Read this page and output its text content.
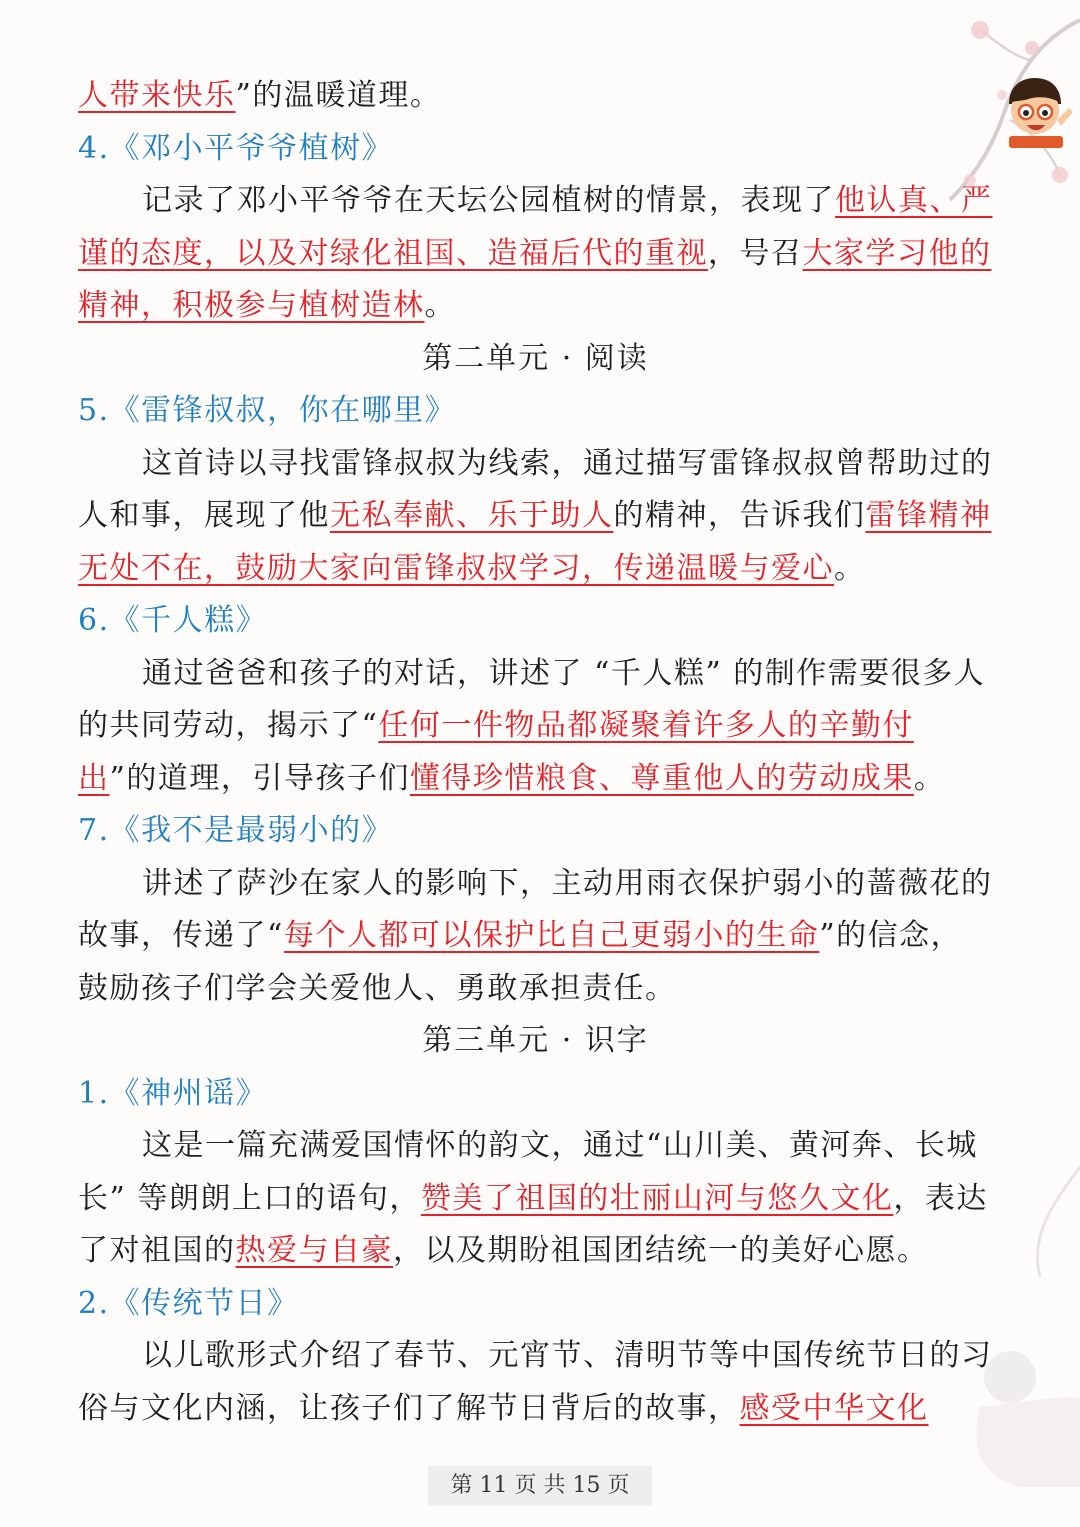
人带来快乐”的温暖道理。

4.《邓小平爷爷植树》

记录了邓小平爷爷在天坛公园植树的情景，表现了他认真、严谨的态度，以及对绿化祖国、造福后代的重视，号召大家学习他的精神，积极参与植树造林。

第二单元 · 阅读

5.《雷锋叔叔，你在哪里》

这首诗以寻找雷锋叔叔为线索，通过描写雷锋叔叔曾帮助过的人和事，展现了他无私奉献、乐于助人的精神，告诉我们雷锋精神无处不在，鼓励大家向雷锋叔叔学习，传递温暖与爱心。

6.《千人糕》

通过爸爸和孩子的对话，讲述了 “千人糕” 的制作需要很多人的共同劳动，揭示了“任何一件物品都凝聚着许多人的辛勤付出”的道理，引导孩子们懂得珍惜粮食、尊重他人的劳动成果。

7.《我不是最弱小的》

讲述了萨沙在家人的影响下，主动用雨衣保护弱小的蔷薇花的故事，传递了“每个人都可以保护比自己更弱小的生命”的信念，鼓励孩子们学会关爱他人、勇敢承担责任。

第三单元 · 识字

1.《神州谣》

这是一篇充满爱国情怀的韵文，通过“山川美、黄河奔、长城长” 等朗朗上口的语句，赞美了祖国的壮丽山河与悠久文化，表达了对祖国的热爱与自豪，以及期盼祖国团结统一的美好心愿。

2.《传统节日》

以儿歌形式介绍了春节、元宵节、清明节等中国传统节日的习俗与文化内涵，让孩子们了解节日背后的故事，感受中华文化

第 11 页 共 15 页
